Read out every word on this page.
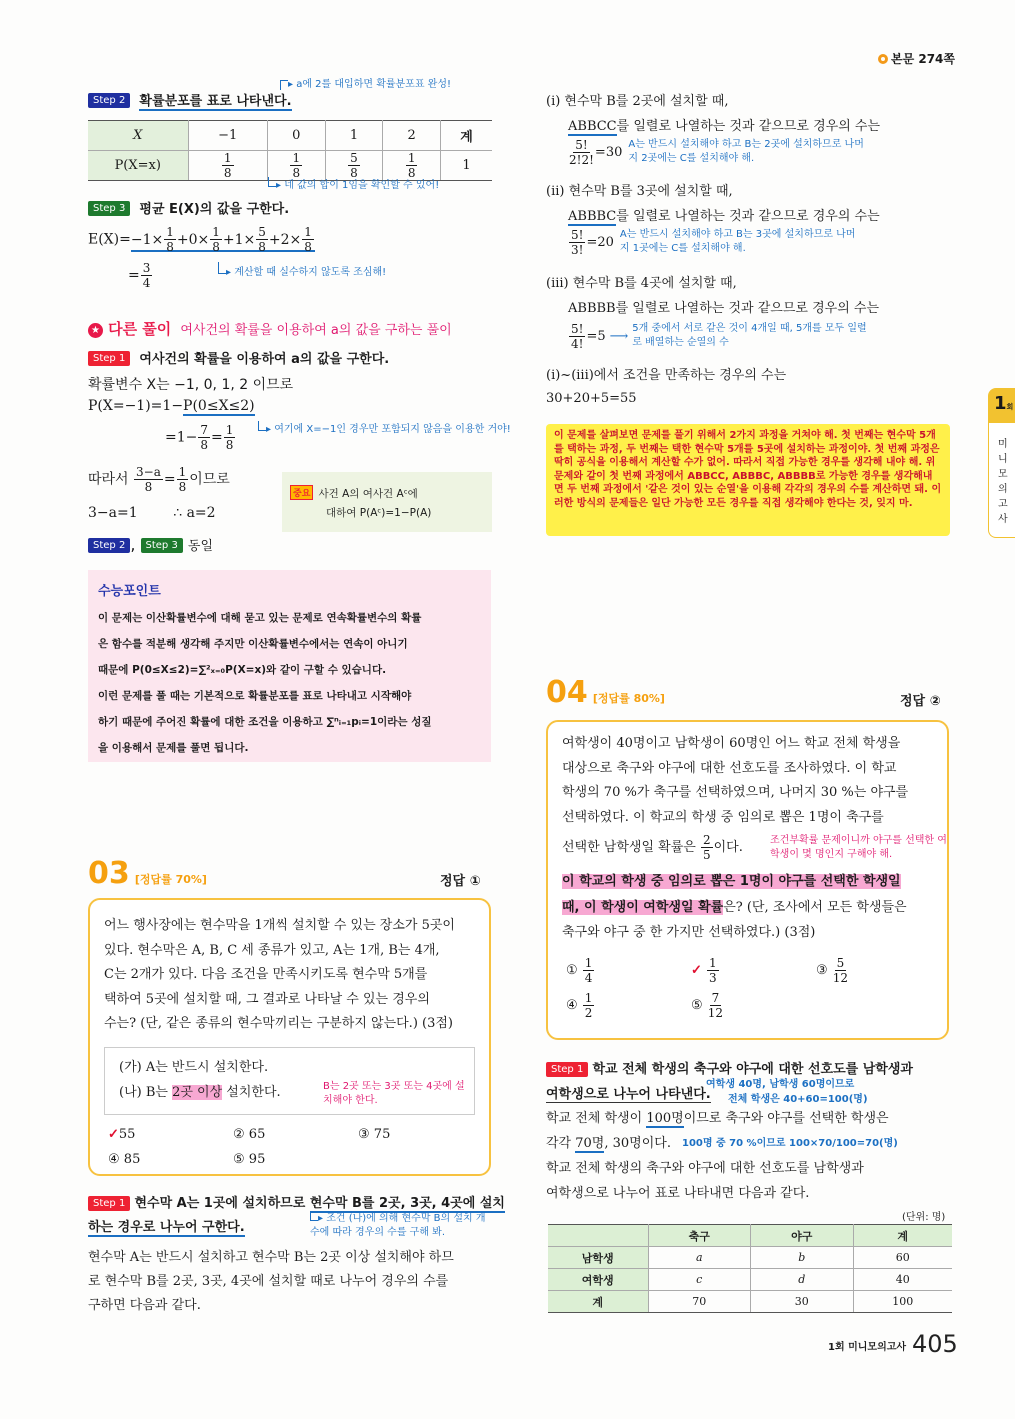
본문 274쪽
▸ a에 2를 대입하면 확률분포표 완성!
Step 2 확률분포를 표로 나타낸다.
X	−1	0	1	2	계
P(X=x)	$\frac{1}{8}$	$\frac{1}{8}$	$\frac{5}{8}$	$\frac{1}{8}$	1
▸ 네 값의 합이 1임을 확인할 수 있어!
Step 3 평균 E(X)의 값을 구한다.
$E(X)=-1\times \frac{1}{8} +0\times \frac{1}{8} +1\times \frac{5}{8} +2\times \frac{1}{8}$
= $\frac{3}{4}$	▸ 계산할 때 실수하지 않도록 조심해!
★ 다른 풀이 여사건의 확률을 이용하여 a의 값을 구하는 풀이
Step 1 여사건의 확률을 이용하여 a의 값을 구한다.
확률변수 X는 −1, 0, 1, 2 이므로
P(X=−1)=1−P(0≤X≤2)
$=1- \frac{7}{8} = \frac{1}{8}$	▸ 여기에 X=−1인 경우만 포함되지 않음을 이용한 거야!
따라서 $\frac{3-a}{8} = \frac{1}{8}$ 이므로
3−a=1        ∴ a=2
중요 사건 A의 여사건 Aᶜ에
대하여 P(Aᶜ)=1−P(A)
Step 2 , Step 3 동일
수능포인트
이 문제는 이산확률변수에 대해 묻고 있는 문제로 연속확률변수의 확률
은 함수를 적분해 생각해 주지만 이산확률변수에서는 연속이 아니기
때문에 P(0≤X≤2)=∑²ₓ₌₀P(X=x)와 같이 구할 수 있습니다.
이런 문제를 풀 때는 기본적으로 확률분포를 표로 나타내고 시작해야
하기 때문에 주어진 확률에 대한 조건을 이용하고 ∑ⁿᵢ₌₁pᵢ=1이라는 성질
을 이용해서 문제를 풀면 됩니다.
03 [정답률 70%]	정답 ①
어느 행사장에는 현수막을 1개씩 설치할 수 있는 장소가 5곳이
있다. 현수막은 A, B, C 세 종류가 있고, A는 1개, B는 4개,
C는 2개가 있다. 다음 조건을 만족시키도록 현수막 5개를
택하여 5곳에 설치할 때, 그 결과로 나타날 수 있는 경우의
수는? (단, 같은 종류의 현수막끼리는 구분하지 않는다.) (3점)
(가) A는 반드시 설치한다.
(나) B는 2곳 이상 설치한다.	B는 2곳 또는 3곳 또는 4곳에 설치해야 한다.
✓55	② 65	③ 75
④ 85	⑤ 95
Step 1 현수막 A는 1곳에 설치하므로 현수막 B를 2곳, 3곳, 4곳에 설치
하는 경우로 나누어 구한다.
▸ 조건 (나)에 의해 현수막 B의 설치 개수에 따라 경우의 수를 구해 봐.
현수막 A는 반드시 설치하고 현수막 B는 2곳 이상 설치해야 하므
로 현수막 B를 2곳, 3곳, 4곳에 설치할 때로 나누어 경우의 수를
구하면 다음과 같다.
(i) 현수막 B를 2곳에 설치할 때,
ABBCC를 일렬로 나열하는 것과 같으므로 경우의 수는
$\frac{5!}{2!2!} =30$ A는 반드시 설치해야 하고 B는 2곳에 설치하므로 나머지 2곳에는 C를 설치해야 해.
(ii) 현수막 B를 3곳에 설치할 때,
ABBBC를 일렬로 나열하는 것과 같으므로 경우의 수는
$\frac{5!}{3!} =20$ A는 반드시 설치해야 하고 B는 3곳에 설치하므로 나머지 1곳에는 C를 설치해야 해.
(iii) 현수막 B를 4곳에 설치할 때,
ABBBB를 일렬로 나열하는 것과 같으므로 경우의 수는
$\frac{5!}{4!} =5$ ⟶ 5개 중에서 서로 같은 것이 4개일 때, 5개를 모두 일렬로 배열하는 순열의 수
(i)~(iii)에서 조건을 만족하는 경우의 수는
30+20+5=55
이 문제를 살펴보면 문제를 풀기 위해서 2가지 과정을 거쳐야 해. 첫 번째는 현수막 5개를 택하는 과정, 두 번째는 택한 현수막 5개를 5곳에 설치하는 과정이야. 첫 번째 과정은 딱히 공식을 이용해서 계산할 수가 없어. 따라서 직접 가능한 경우를 생각해 내야 해. 위 문제와 같이 첫 번째 과정에서 ABBCC, ABBBC, ABBBB로 가능한 경우를 생각해내면 두 번째 과정에서 '같은 것이 있는 순열'을 이용해 각각의 경우의 수를 계산하면 돼. 이러한 방식의 문제들은 일단 가능한 모든 경우를 직접 생각해야 한다는 것, 잊지 마.
04 [정답률 80%]	정답 ②
여학생이 40명이고 남학생이 60명인 어느 학교 전체 학생을
대상으로 축구와 야구에 대한 선호도를 조사하였다. 이 학교
학생의 70 %가 축구를 선택하였으며, 나머지 30 %는 야구를
선택하였다. 이 학교의 학생 중 임의로 뽑은 1명이 축구를
선택한 남학생일 확률은 $\frac{2}{5}$ 이다.	조건부확률 문제이니까 야구를 선택한 여학생이 몇 명인지 구해야 해.
이 학교의 학생 중 임의로 뽑은 1명이 야구를 선택한 학생일
때, 이 학생이 여학생일 확률은? (단, 조사에서 모든 학생들은
축구와 야구 중 한 가지만 선택하였다.) (3점)
① $\frac{1}{4}$	✓ $\frac{1}{3}$	③ $\frac{5}{12}$
④ $\frac{1}{2}$	⑤ $\frac{7}{12}$
Step 1 학교 전체 학생의 축구와 야구에 대한 선호도를 남학생과
여학생으로 나누어 나타낸다.
여학생 40명, 남학생 60명이므로
전체 학생은 40+60=100(명)
학교 전체 학생이 100명이므로 축구와 야구를 선택한 학생은
각각 70명, 30명이다. 100명 중 70 %이므로 100×70/100=70(명)
학교 전체 학생의 축구와 야구에 대한 선호도를 남학생과
여학생으로 나누어 표로 나타내면 다음과 같다.
(단위: 명)
	축구	야구	계
남학생	a	b	60
여학생	c	d	40
계	70	30	100
1회
미
니
모
의
고
사
1회 미니모의고사 405
